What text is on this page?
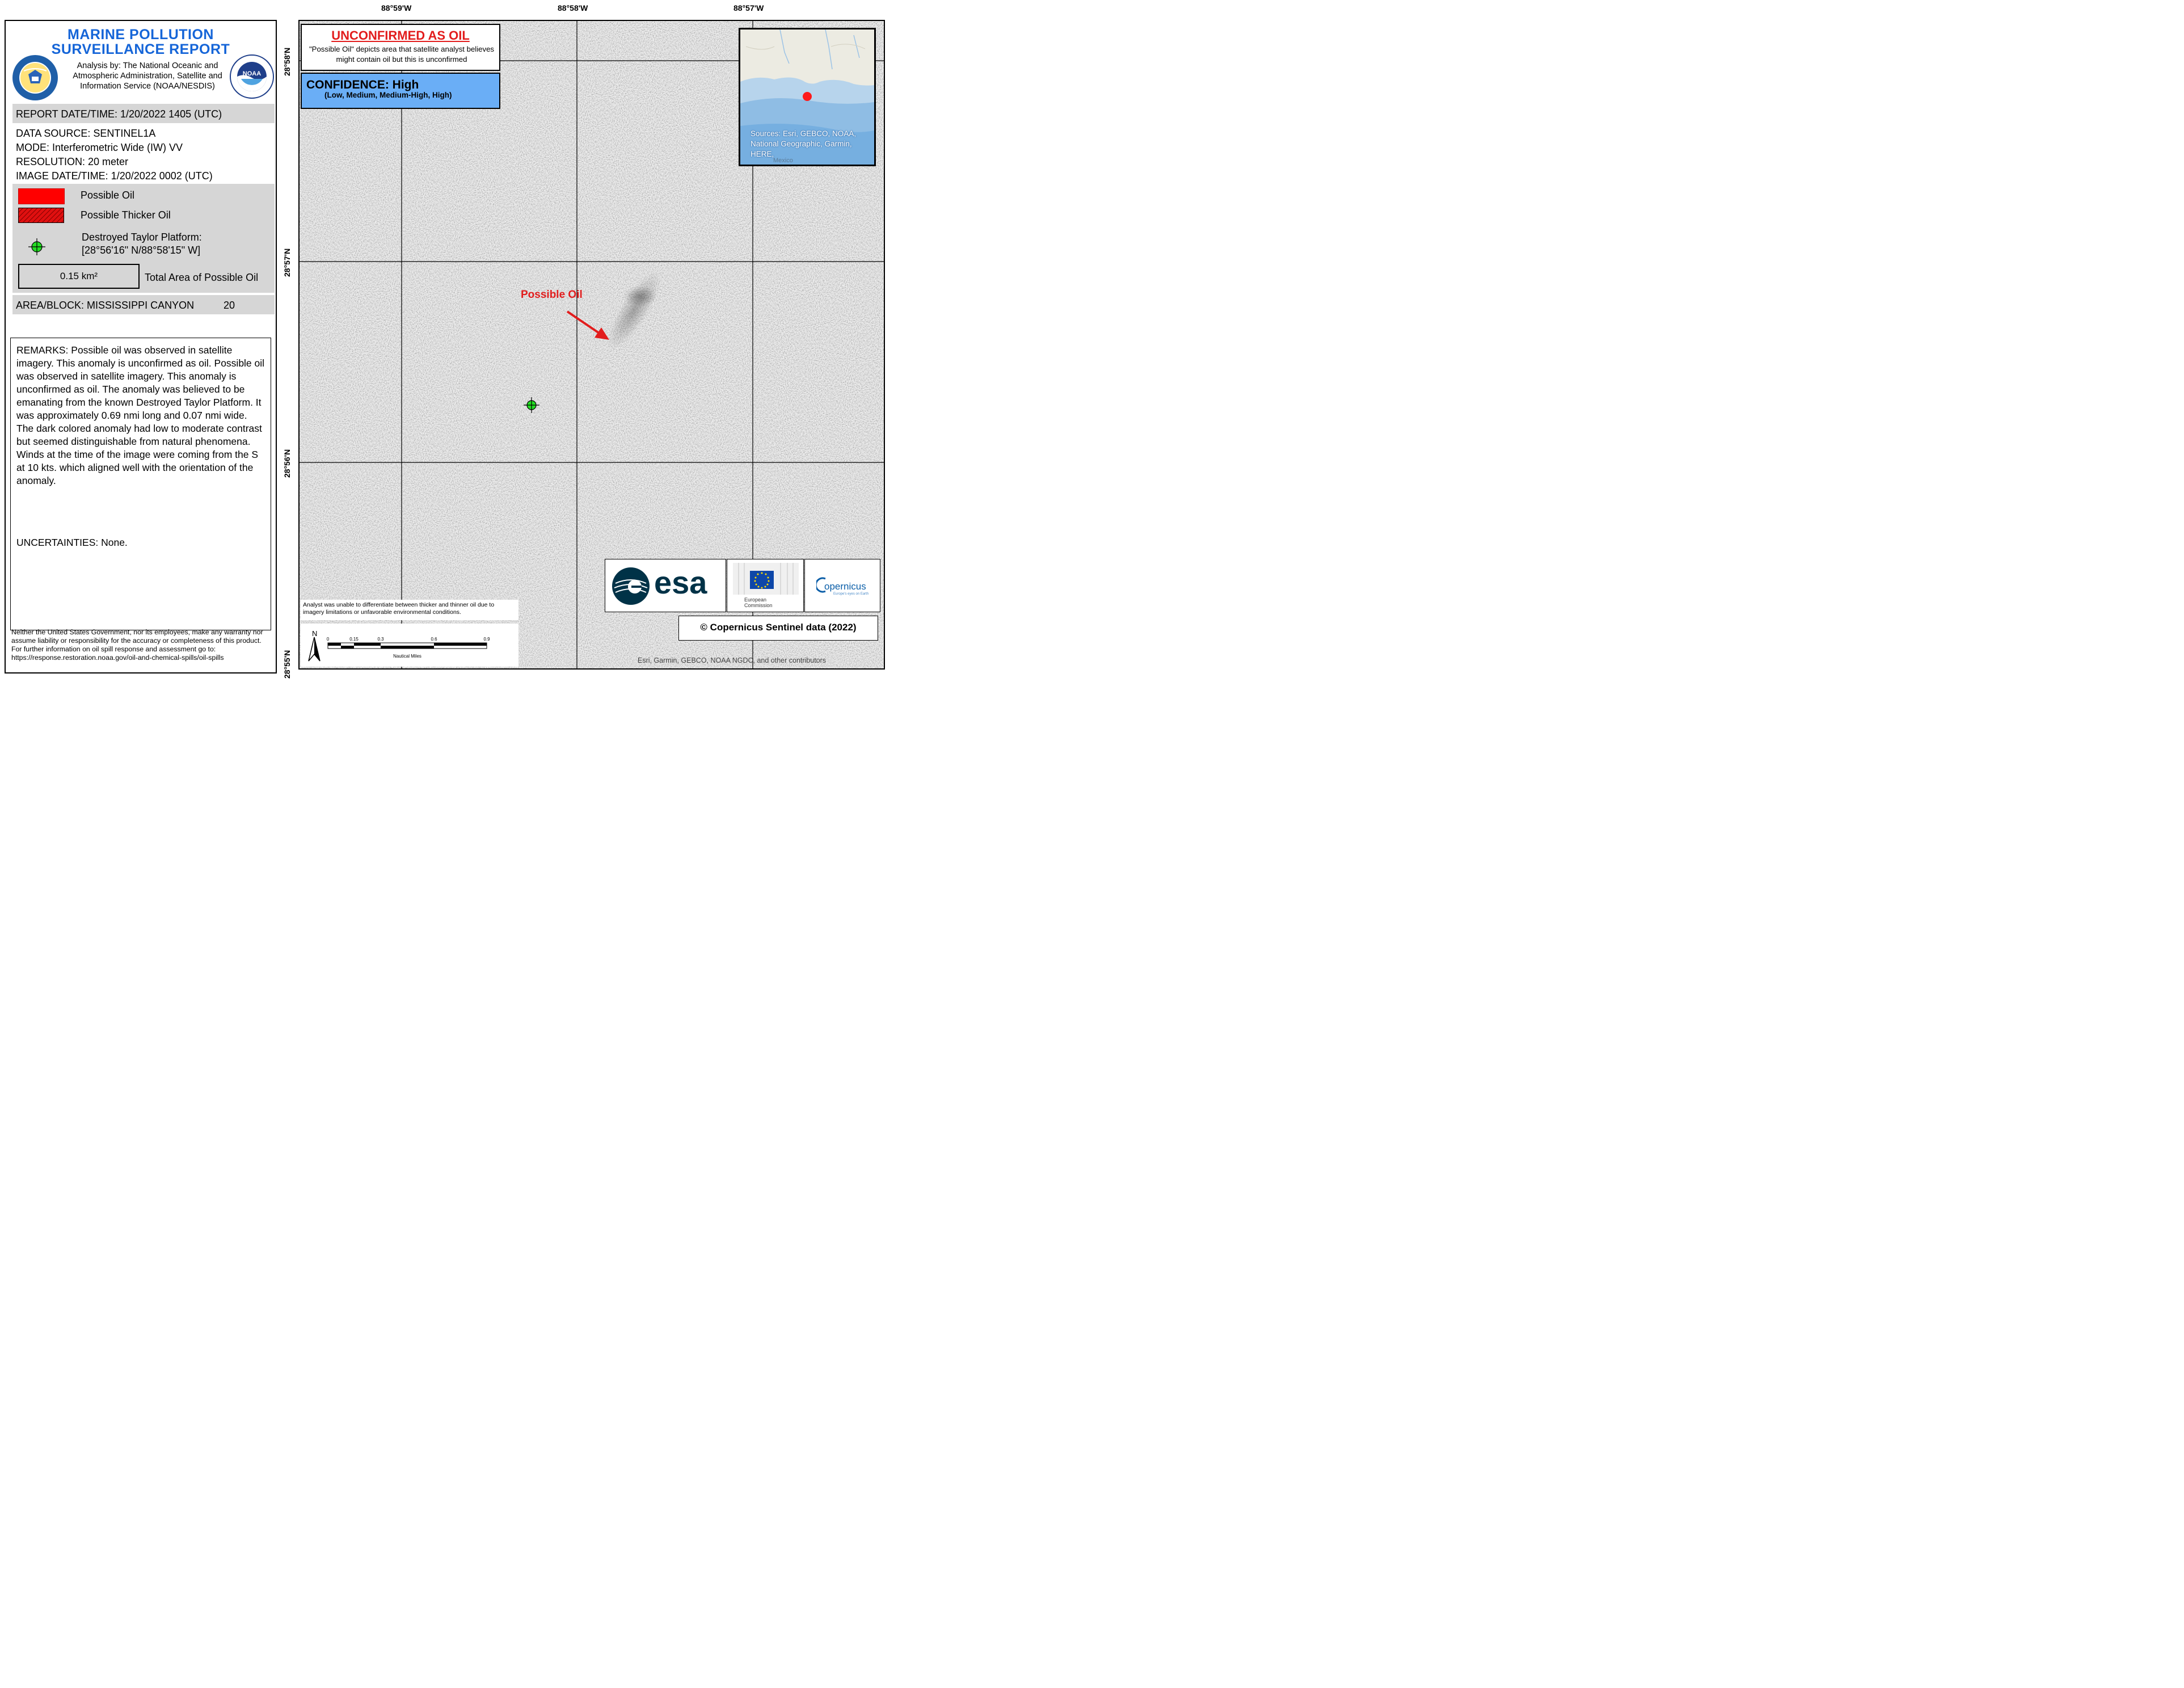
MARINE POLLUTION
SURVEILLANCE REPORT
Analysis by: The National Oceanic and
Atmospheric Administration, Satellite and
Information Service (NOAA/NESDIS)
NOAA
REPORT DATE/TIME: 1/20/2022 1405 (UTC)
DATA SOURCE: SENTINEL1A
MODE: Interferometric Wide (IW) VV
RESOLUTION: 20 meter
IMAGE DATE/TIME: 1/20/2022 0002 (UTC)
Possible Oil
Possible Thicker Oil
Destroyed Taylor Platform:
[28°56'16" N/88°58'15" W]
0.15 km²	Total Area of Possible Oil
AREA/BLOCK: MISSISSIPPI CANYON	20
REMARKS: Possible oil was observed in satellite imagery. This anomaly is unconfirmed as oil. Possible oil was observed in satellite imagery. This anomaly is unconfirmed as oil. The anomaly was believed to be emanating from the known Destroyed Taylor Platform. It was approximately 0.69 nmi long and 0.07 nmi wide. The dark colored anomaly had low to moderate contrast but seemed distinguishable from natural phenomena. Winds at the time of the image were coming from the S at 10 kts. which aligned well with the orientation of the anomaly.
UNCERTAINTIES: None.
Neither the United States Government, nor its employees, make any warranty nor assume liability or responsibility for the accuracy or completeness of this product.
For further information on oil spill response and assessment go to:
https://response.restoration.noaa.gov/oil-and-chemical-spills/oil-spills
88°59'W	88°58'W	88°57'W
28°58'N
28°57'N
28°56'N
28°55'N
UNCONFIRMED AS OIL
"Possible Oil" depicts area that satellite analyst believes might contain oil but this is unconfirmed
CONFIDENCE: High
(Low, Medium, Medium-High, High)
Mexico
Sources: Esri, GEBCO, NOAA, National Geographic, Garmin, HERE,
Possible Oil
esa	European
Commission
opernicus
Europe's eyes on Earth
© Copernicus Sentinel data (2022)
Analyst was unable to differentiate between thicker and thinner oil due to imagery limitations or unfavorable environmental conditions.
N
0	0.15	0.3	0.6	0.9
Nautical Miles
Esri, Garmin, GEBCO, NOAA NGDC, and other contributors
